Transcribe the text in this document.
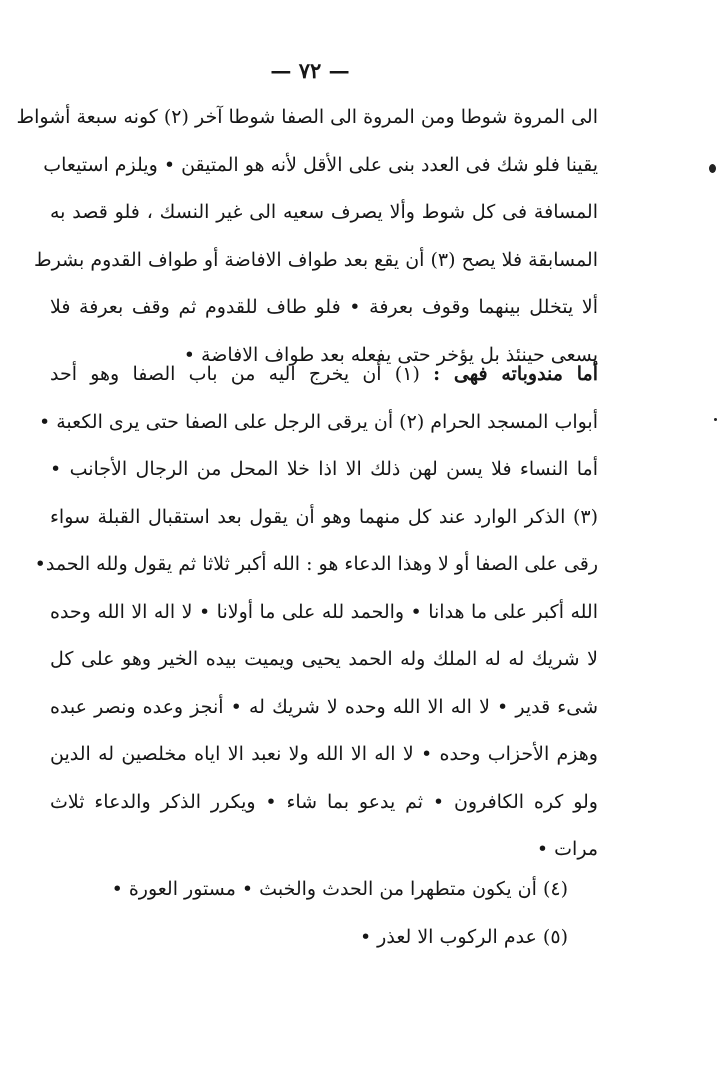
— ٧٢ —
الى المروة شوطا ومن المروة الى الصفا شوطا آخر (٢) كونه سبعة أشواط
يقينا فلو شك فى العدد بنى على الأقل لأنه هو المتيقن • ويلزم استيعاب
المسافة فى كل شوط وألا يصرف سعيه الى غير النسك ، فلو قصد به
المسابقة فلا يصح (٣) أن يقع بعد طواف الافاضة أو طواف القدوم بشرط
ألا يتخلل بينهما وقوف بعرفة • فلو طاف للقدوم ثم وقف بعرفة فلا
يسعى حينئذ بل يؤخر حتى يفعله بعد طواف الافاضة •
أما مندوباته فهى : (١) أن يخرج اليه من باب الصفا وهو أحد
أبواب المسجد الحرام (٢) أن يرقى الرجل على الصفا حتى يرى الكعبة •
أما النساء فلا يسن لهن ذلك الا اذا خلا المحل من الرجال الأجانب •
(٣) الذكر الوارد عند كل منهما وهو أن يقول بعد استقبال القبلة سواء
رقى على الصفا أو لا وهذا الدعاء هو : الله أكبر ثلاثا ثم يقول ولله الحمد•
الله أكبر على ما هدانا • والحمد لله على ما أولانا • لا اله الا الله وحده
لا شريك له له الملك وله الحمد يحيى ويميت بيده الخير وهو على كل
شىء قدير • لا اله الا الله وحده لا شريك له • أنجز وعده ونصر عبده
وهزم الأحزاب وحده • لا اله الا الله ولا نعبد الا اياه مخلصين له الدين
ولو كره الكافرون • ثم يدعو بما شاء • ويكرر الذكر والدعاء ثلاث
مرات •
(٤) أن يكون متطهرا من الحدث والخبث • مستور العورة •
(٥) عدم الركوب الا لعذر •
